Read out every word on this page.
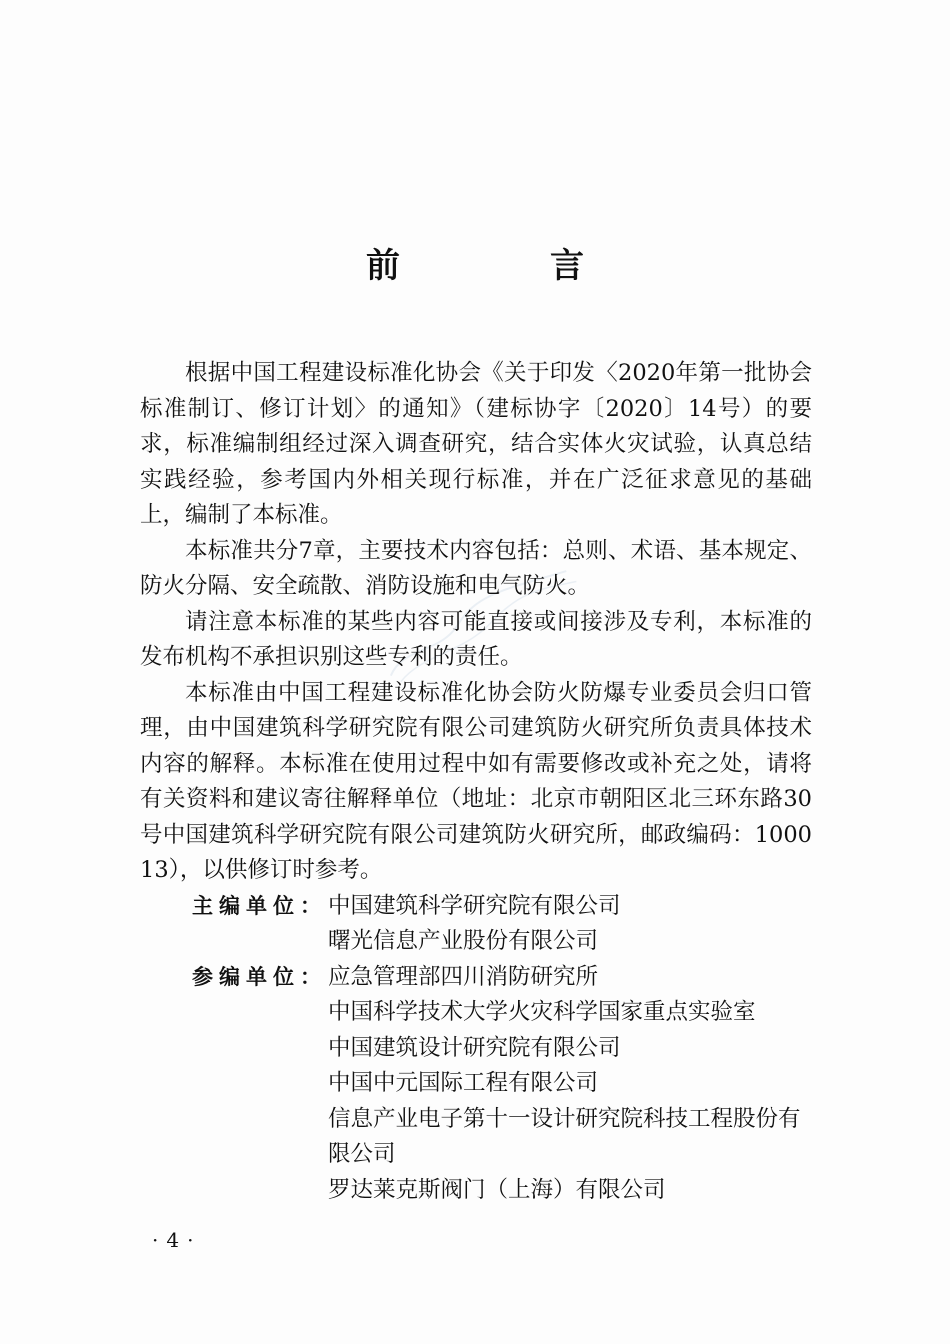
前　言

根据中国工程建设标准化协会《关于印发〈2020年第一批协会标准制订、修订计划〉的通知》（建标协字〔2020〕14号）的要求，标准编制组经过深入调查研究，结合实体火灾试验，认真总结实践经验，参考国内外相关现行标准，并在广泛征求意见的基础上，编制了本标准。

本标准共分7章，主要技术内容包括：总则、术语、基本规定、防火分隔、安全疏散、消防设施和电气防火。

请注意本标准的某些内容可能直接或间接涉及专利，本标准的发布机构不承担识别这些专利的责任。

本标准由中国工程建设标准化协会防火防爆专业委员会归口管理，由中国建筑科学研究院有限公司建筑防火研究所负责具体技术内容的解释。本标准在使用过程中如有需要修改或补充之处，请将有关资料和建议寄往解释单位（地址：北京市朝阳区北三环东路30号中国建筑科学研究院有限公司建筑防火研究所，邮政编码：100013），以供修订时参考。

主编单位： 中国建筑科学研究院有限公司
曙光信息产业股份有限公司
参编单位： 应急管理部四川消防研究所
中国科学技术大学火灾科学国家重点实验室
中国建筑设计研究院有限公司
中国中元国际工程有限公司
信息产业电子第十一设计研究院科技工程股份有限公司
罗达莱克斯阀门（上海）有限公司
·4·
